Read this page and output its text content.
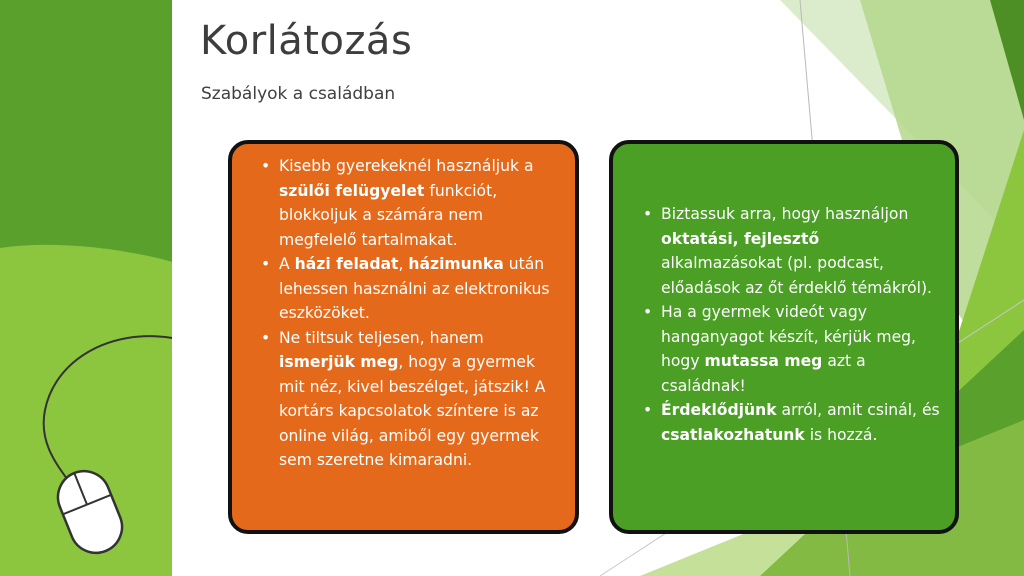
Korlátozás
Szabályok a családban
• Kisebb gyerekeknél használjuk a szülői felügyelet funkciót, blokkoljuk a számára nem megfelelő tartalmakat.
• A házi feladat, házimunka után lehessen használni az elektronikus eszközöket.
• Ne tiltsuk teljesen, hanem ismerjük meg, hogy a gyermek mit néz, kivel beszélget, játszik! A kortárs kapcsolatok színtere is az online világ, amiből egy gyermek sem szeretne kimaradni.
• Biztassuk arra, hogy használjon oktatási, fejlesztő alkalmazásokat (pl. podcast, előadások az őt érdeklő témákról).
• Ha a gyermek videót vagy hanganyagot készít, kérjük meg, hogy mutassa meg azt a családnak!
• Érdeklődjünk arról, amit csinál, és csatlakozhatunk is hozzá.
